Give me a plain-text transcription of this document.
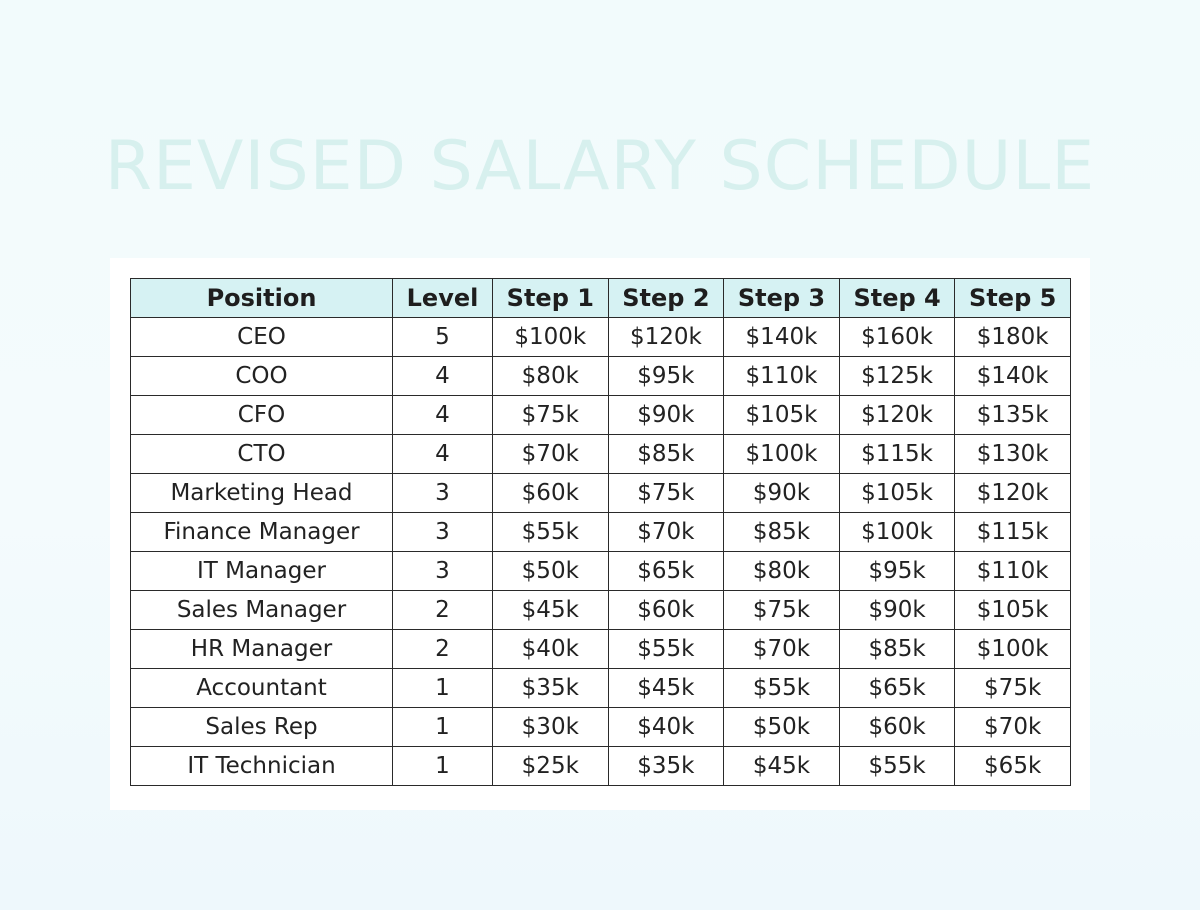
REVISED SALARY SCHEDULE
Position	Level	Step 1	Step 2	Step 3	Step 4	Step 5
CEO	5	$100k	$120k	$140k	$160k	$180k
COO	4	$80k	$95k	$110k	$125k	$140k
CFO	4	$75k	$90k	$105k	$120k	$135k
CTO	4	$70k	$85k	$100k	$115k	$130k
Marketing Head	3	$60k	$75k	$90k	$105k	$120k
Finance Manager	3	$55k	$70k	$85k	$100k	$115k
IT Manager	3	$50k	$65k	$80k	$95k	$110k
Sales Manager	2	$45k	$60k	$75k	$90k	$105k
HR Manager	2	$40k	$55k	$70k	$85k	$100k
Accountant	1	$35k	$45k	$55k	$65k	$75k
Sales Rep	1	$30k	$40k	$50k	$60k	$70k
IT Technician	1	$25k	$35k	$45k	$55k	$65k
